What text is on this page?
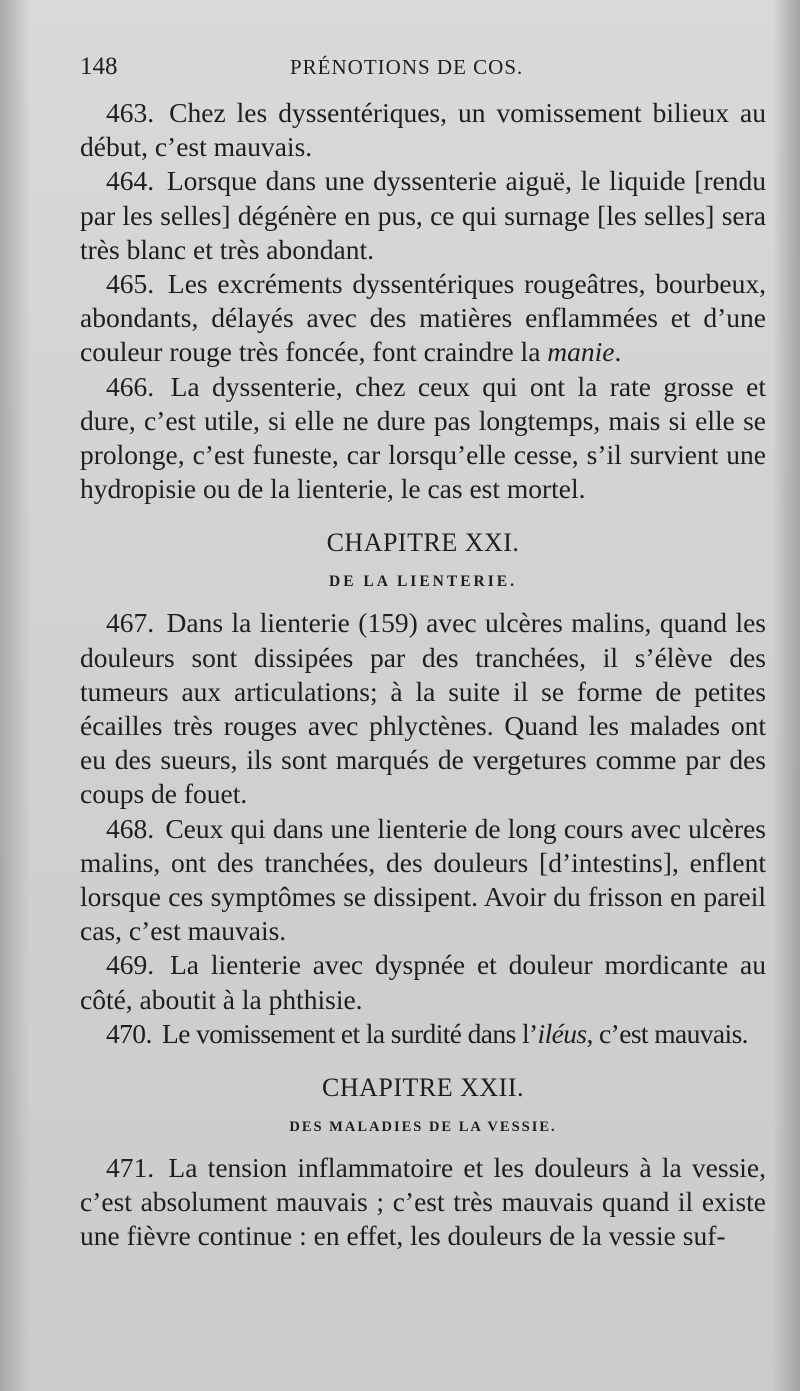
148	PRÉNOTIONS DE COS.

463. Chez les dyssentériques, un vomissement bilieux au début, c’est mauvais.

464. Lorsque dans une dyssenterie aiguë, le liquide [rendu par les selles] dégénère en pus, ce qui surnage [les selles] sera très blanc et très abondant.

465. Les excréments dyssentériques rougeâtres, bourbeux, abondants, délayés avec des matières enflammées et d’une couleur rouge très foncée, font craindre la manie.

466. La dyssenterie, chez ceux qui ont la rate grosse et dure, c’est utile, si elle ne dure pas longtemps, mais si elle se prolonge, c’est funeste, car lorsqu’elle cesse, s’il survient une hydropisie ou de la lienterie, le cas est mortel.

CHAPITRE XXI.
DE LA LIENTERIE.

467. Dans la lienterie (159) avec ulcères malins, quand les douleurs sont dissipées par des tranchées, il s’élève des tumeurs aux articulations; à la suite il se forme de petites écailles très rouges avec phlyctènes. Quand les malades ont eu des sueurs, ils sont marqués de vergetures comme par des coups de fouet.

468. Ceux qui dans une lienterie de long cours avec ulcères malins, ont des tranchées, des douleurs [d’intestins], enflent lorsque ces symptômes se dissipent. Avoir du frisson en pareil cas, c’est mauvais.

469. La lienterie avec dyspnée et douleur mordicante au côté, aboutit à la phthisie.

470. Le vomissement et la surdité dans l’iléus, c’est mauvais.

CHAPITRE XXII.
DES MALADIES DE LA VESSIE.

471. La tension inflammatoire et les douleurs à la vessie, c’est absolument mauvais ; c’est très mauvais quand il existe une fièvre continue : en effet, les douleurs de la vessie suf-
